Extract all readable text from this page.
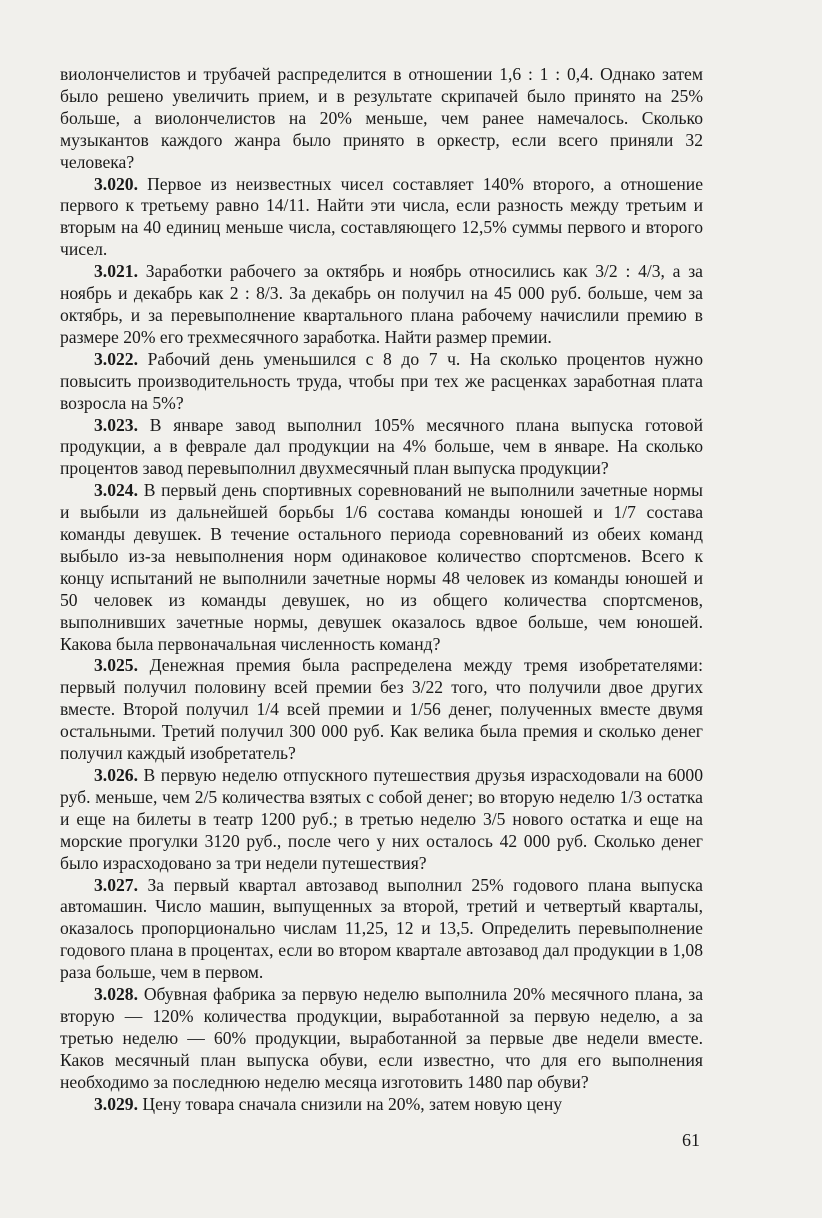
виолончелистов и трубачей распределится в отношении 1,6 : 1 : 0,4. Однако затем было решено увеличить прием, и в результате скрипачей было принято на 25% больше, а виолончелистов на 20% меньше, чем ранее намечалось. Сколько музыкантов каждого жанра было принято в оркестр, если всего приняли 32 человека?

3.020. Первое из неизвестных чисел составляет 140% второго, а отношение первого к третьему равно 14/11. Найти эти числа, если разность между третьим и вторым на 40 единиц меньше числа, составляющего 12,5% суммы первого и второго чисел.

3.021. Заработки рабочего за октябрь и ноябрь относились как 3/2 : 4/3, а за ноябрь и декабрь как 2 : 8/3. За декабрь он получил на 45 000 руб. больше, чем за октябрь, и за перевыполнение квартального плана рабочему начислили премию в размере 20% его трехмесячного заработка. Найти размер премии.

3.022. Рабочий день уменьшился с 8 до 7 ч. На сколько процентов нужно повысить производительность труда, чтобы при тех же расценках заработная плата возросла на 5%?

3.023. В январе завод выполнил 105% месячного плана выпуска готовой продукции, а в феврале дал продукции на 4% больше, чем в январе. На сколько процентов завод перевыполнил двухмесячный план выпуска продукции?

3.024. В первый день спортивных соревнований не выполнили зачетные нормы и выбыли из дальнейшей борьбы 1/6 состава команды юношей и 1/7 состава команды девушек. В течение остального периода соревнований из обеих команд выбыло из-за невыполнения норм одинаковое количество спортсменов. Всего к концу испытаний не выполнили зачетные нормы 48 человек из команды юношей и 50 человек из команды девушек, но из общего количества спортсменов, выполнивших зачетные нормы, девушек оказалось вдвое больше, чем юношей. Какова была первоначальная численность команд?

3.025. Денежная премия была распределена между тремя изобретателями: первый получил половину всей премии без 3/22 того, что получили двое других вместе. Второй получил 1/4 всей премии и 1/56 денег, полученных вместе двумя остальными. Третий получил 300 000 руб. Как велика была премия и сколько денег получил каждый изобретатель?

3.026. В первую неделю отпускного путешествия друзья израсходовали на 6000 руб. меньше, чем 2/5 количества взятых с собой денег; во вторую неделю 1/3 остатка и еще на билеты в театр 1200 руб.; в третью неделю 3/5 нового остатка и еще на морские прогулки 3120 руб., после чего у них осталось 42 000 руб. Сколько денег было израсходовано за три недели путешествия?

3.027. За первый квартал автозавод выполнил 25% годового плана выпуска автомашин. Число машин, выпущенных за второй, третий и четвертый кварталы, оказалось пропорционально числам 11,25, 12 и 13,5. Определить перевыполнение годового плана в процентах, если во втором квартале автозавод дал продукции в 1,08 раза больше, чем в первом.

3.028. Обувная фабрика за первую неделю выполнила 20% месячного плана, за вторую — 120% количества продукции, выработанной за первую неделю, а за третью неделю — 60% продукции, выработанной за первые две недели вместе. Каков месячный план выпуска обуви, если известно, что для его выполнения необходимо за последнюю неделю месяца изготовить 1480 пар обуви?

3.029. Цену товара сначала снизили на 20%, затем новую цену

61
